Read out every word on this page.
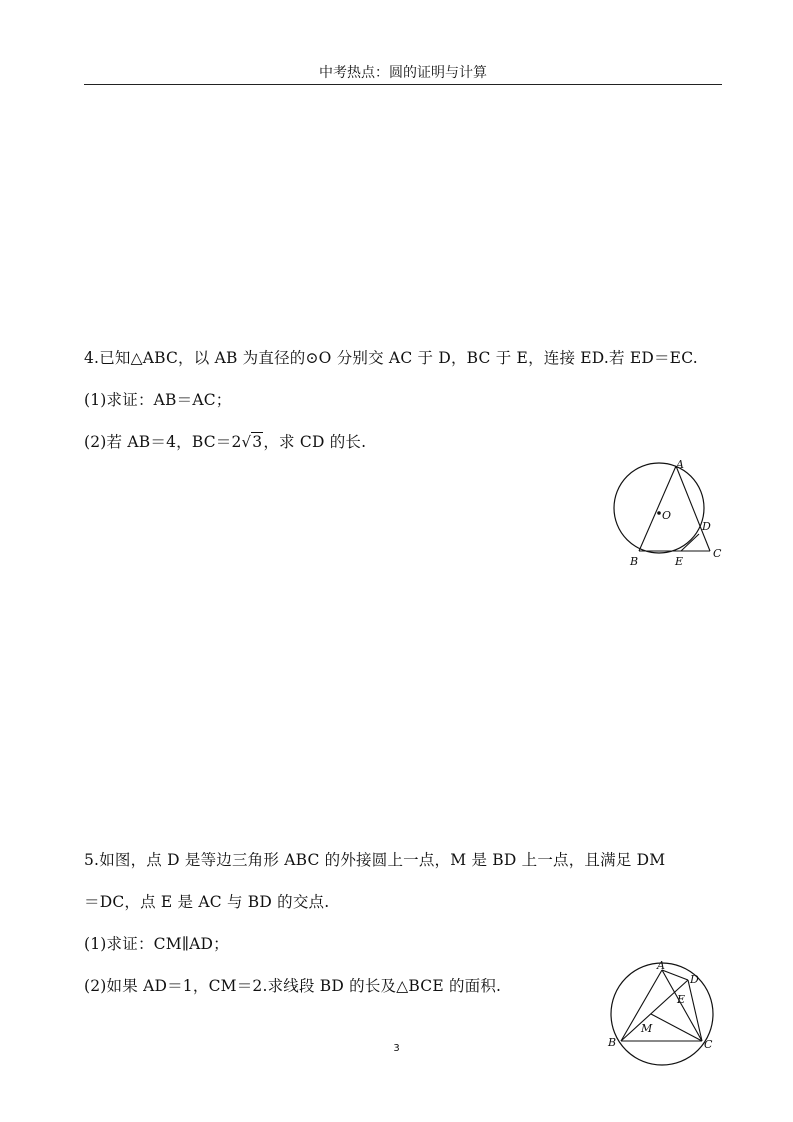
中考热点：圆的证明与计算
4.已知△ABC，以 AB 为直径的⊙O 分别交 AC 于 D，BC 于 E，连接 ED.若 ED＝EC.
(1)求证：AB＝AC；
(2)若 AB＝4，BC＝2√3，求 CD 的长.
A
O
D
B	E
C
5.如图，点 D 是等边三角形 ABC 的外接圆上一点，M 是 BD 上一点，且满足 DM
＝DC，点 E 是 AC 与 BD 的交点.
(1)求证：CM∥AD；
(2)如果 AD＝1，CM＝2.求线段 BD 的长及△BCE 的面积.
A
D
E
M
B	C
3
